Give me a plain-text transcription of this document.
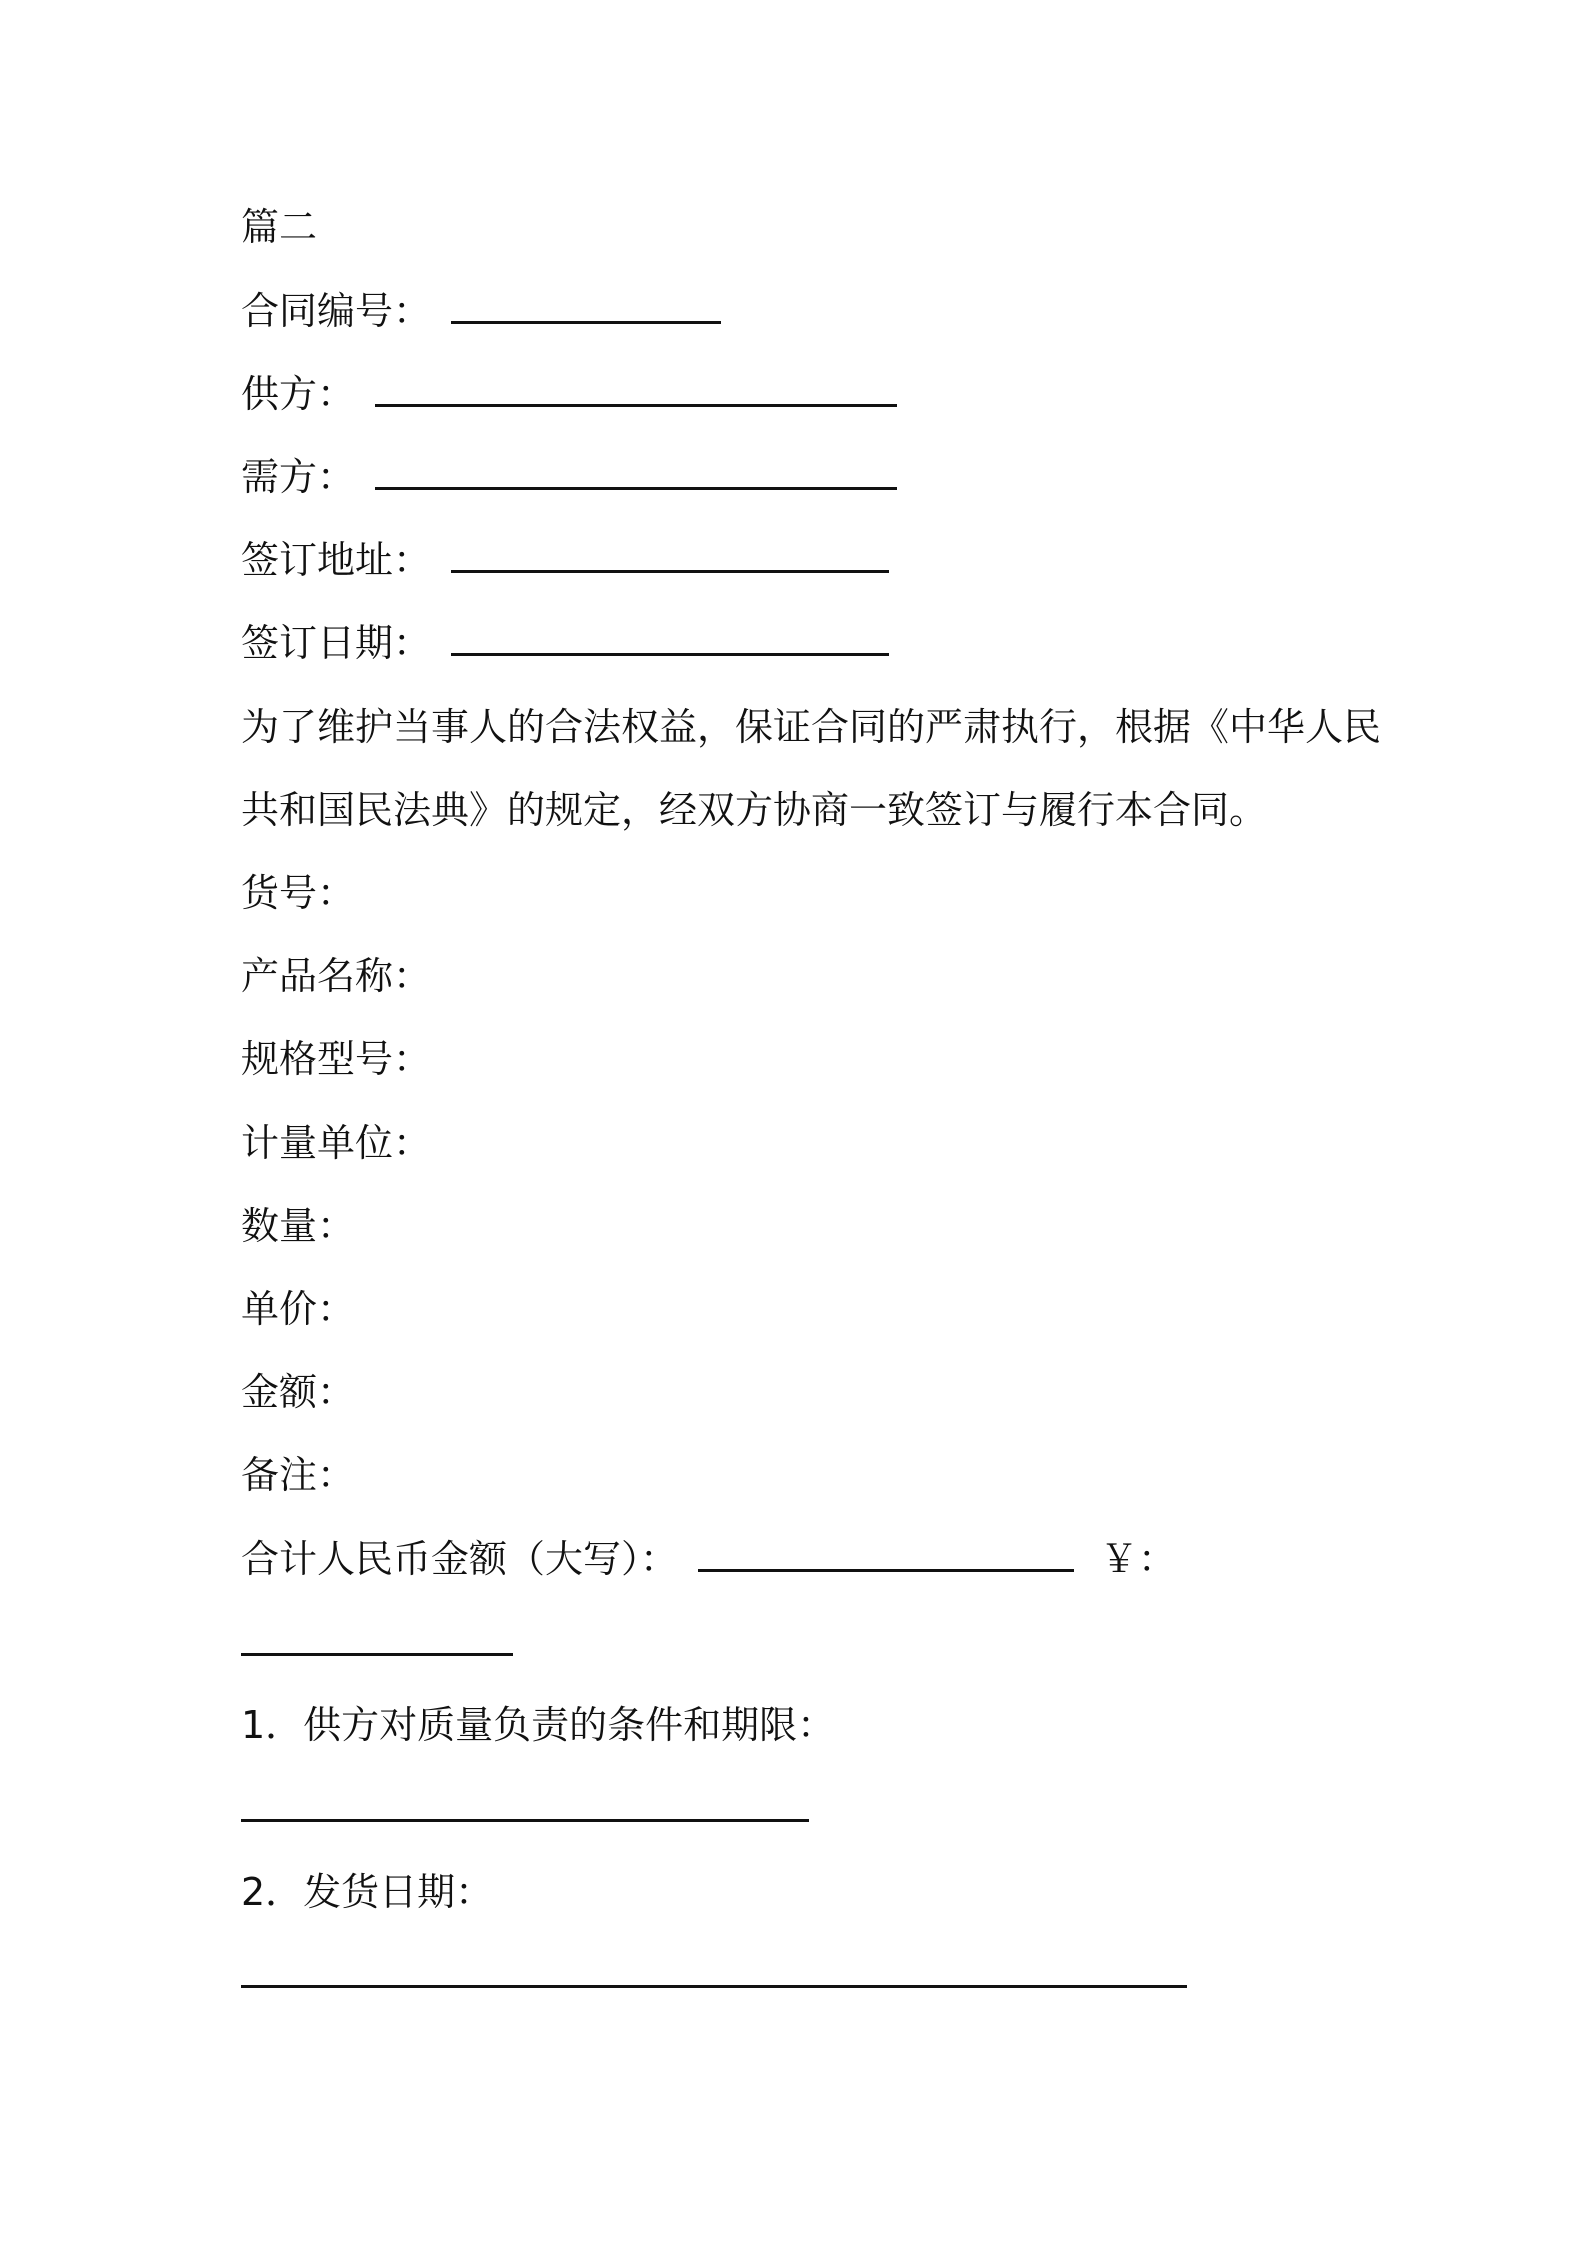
篇二
合同编号：
供方：
需方：
签订地址：
签订日期：
为了维护当事人的合法权益，保证合同的严肃执行，根据《中华人民
共和国民法典》的规定，经双方协商一致签订与履行本合同。
货号：
产品名称：
规格型号：
计量单位：
数量：
单价：
金额：
备注：
合计人民币金额（大写）：	￥：
1．供方对质量负责的条件和期限：
2．发货日期：
